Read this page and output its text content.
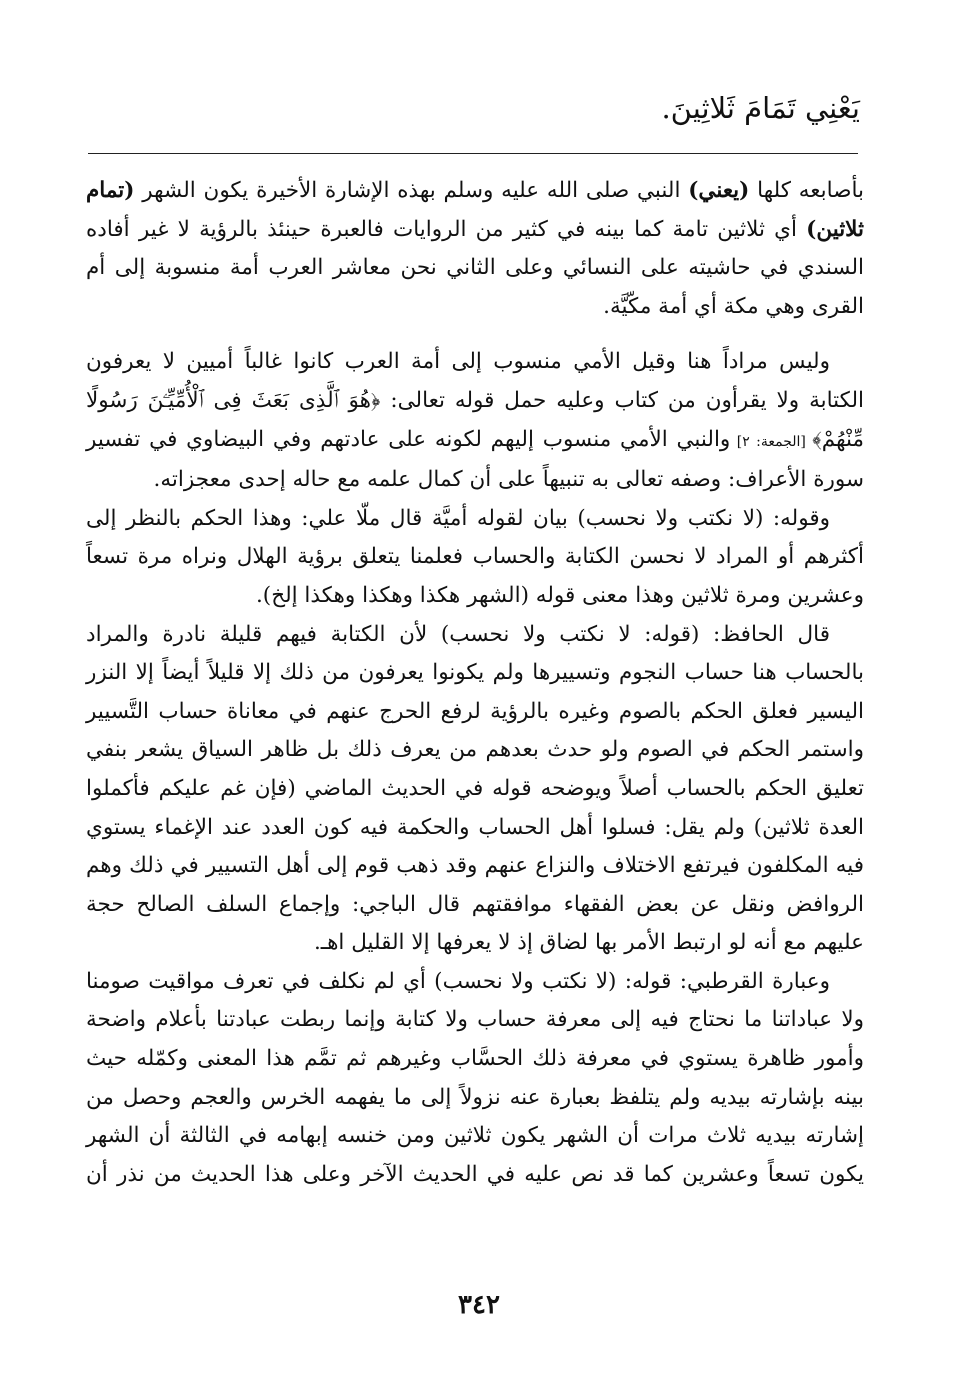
يَعْنِي تَمَامَ ثَلاثِينَ.

بأصابعه كلها (يعني) النبي صلى الله عليه وسلم بهذه الإشارة الأخيرة يكون الشهر (تمام ثلاثين) أي ثلاثين تامة كما بينه في كثير من الروايات فالعبرة حينئذ بالرؤية لا غير أفاده السندي في حاشيته على النسائي وعلى الثاني نحن معاشر العرب أمة منسوبة إلى أم القرى وهي مكة أي أمة مكّيَّة.

وليس مراداً هنا وقيل الأمي منسوب إلى أمة العرب كانوا غالباً أميين لا يعرفون الكتابة ولا يقرأون من كتاب وعليه حمل قوله تعالى: ﴿هُوَ ٱلَّذِى بَعَثَ فِى ٱلْأُمِّيِّـۧنَ رَسُولًا مِّنْهُمْ﴾ [الجمعة: ٢] والنبي الأمي منسوب إليهم لكونه على عادتهم وفي البيضاوي في تفسير سورة الأعراف: وصفه تعالى به تنبيهاً على أن كمال علمه مع حاله إحدى معجزاته.

وقوله: (لا نكتب ولا نحسب) بيان لقوله أميَّة قال ملّا علي: وهذا الحكم بالنظر إلى أكثرهم أو المراد لا نحسن الكتابة والحساب فعلمنا يتعلق برؤية الهلال ونراه مرة تسعاً وعشرين ومرة ثلاثين وهذا معنى قوله (الشهر هكذا وهكذا وهكذا إلخ).

قال الحافظ: (قوله: لا نكتب ولا نحسب) لأن الكتابة فيهم قليلة نادرة والمراد بالحساب هنا حساب النجوم وتسييرها ولم يكونوا يعرفون من ذلك إلا قليلاً أيضاً إلا النزر اليسير فعلق الحكم بالصوم وغيره بالرؤية لرفع الحرج عنهم في معاناة حساب التَّسيير واستمر الحكم في الصوم ولو حدث بعدهم من يعرف ذلك بل ظاهر السياق يشعر بنفي تعليق الحكم بالحساب أصلاً ويوضحه قوله في الحديث الماضي (فإن غم عليكم فأكملوا العدة ثلاثين) ولم يقل: فسلوا أهل الحساب والحكمة فيه كون العدد عند الإغماء يستوي فيه المكلفون فيرتفع الاختلاف والنزاع عنهم وقد ذهب قوم إلى أهل التسيير في ذلك وهم الروافض ونقل عن بعض الفقهاء موافقتهم قال الباجي: وإجماع السلف الصالح حجة عليهم مع أنه لو ارتبط الأمر بها لضاق إذ لا يعرفها إلا القليل اهـ.

وعبارة القرطبي: قوله: (لا نكتب ولا نحسب) أي لم نكلف في تعرف مواقيت صومنا ولا عباداتنا ما نحتاج فيه إلى معرفة حساب ولا كتابة وإنما ربطت عبادتنا بأعلام واضحة وأمور ظاهرة يستوي في معرفة ذلك الحسَّاب وغيرهم ثم تمَّم هذا المعنى وكمّله حيث بينه بإشارته بيديه ولم يتلفظ بعبارة عنه نزولاً إلى ما يفهمه الخرس والعجم وحصل من إشارته بيديه ثلاث مرات أن الشهر يكون ثلاثين ومن خنسه إبهامه في الثالثة أن الشهر يكون تسعاً وعشرين كما قد نص عليه في الحديث الآخر وعلى هذا الحديث من نذر أن

٣٤٢
